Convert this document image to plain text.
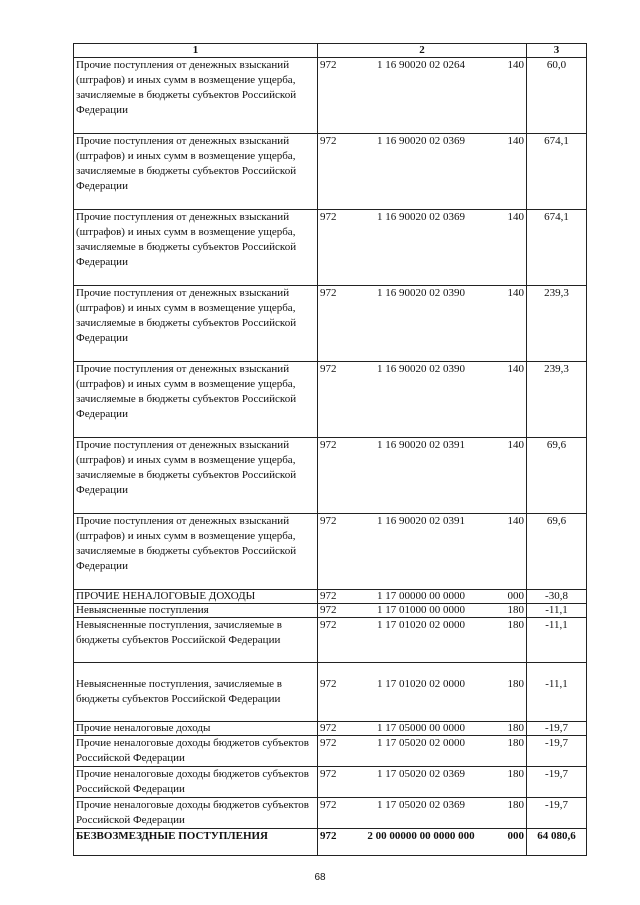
1	2	3
Прочие поступления от денежных взысканий (штрафов) и иных сумм в возмещение ущерба, зачисляемые в бюджеты субъектов Российской Федерации	972 1 16 90020 02 0264 140	60,0
Прочие поступления от денежных взысканий (штрафов) и иных сумм в возмещение ущерба, зачисляемые в бюджеты субъектов Российской Федерации	972 1 16 90020 02 0369 140	674,1
Прочие поступления от денежных взысканий (штрафов) и иных сумм в возмещение ущерба, зачисляемые в бюджеты субъектов Российской Федерации	972 1 16 90020 02 0369 140	674,1
Прочие поступления от денежных взысканий (штрафов) и иных сумм в возмещение ущерба, зачисляемые в бюджеты субъектов Российской Федерации	972 1 16 90020 02 0390 140	239,3
Прочие поступления от денежных взысканий (штрафов) и иных сумм в возмещение ущерба, зачисляемые в бюджеты субъектов Российской Федерации	972 1 16 90020 02 0390 140	239,3
Прочие поступления от денежных взысканий (штрафов) и иных сумм в возмещение ущерба, зачисляемые в бюджеты субъектов Российской Федерации	972 1 16 90020 02 0391 140	69,6
Прочие поступления от денежных взысканий (штрафов) и иных сумм в возмещение ущерба, зачисляемые в бюджеты субъектов Российской Федерации	972 1 16 90020 02 0391 140	69,6
ПРОЧИЕ НЕНАЛОГОВЫЕ ДОХОДЫ	972 1 17 00000 00 0000 000	-30,8
Невыясненные поступления	972 1 17 01000 00 0000 180	-11,1
Невыясненные поступления, зачисляемые в бюджеты субъектов Российской Федерации	972 1 17 01020 02 0000 180	-11,1
Невыясненные поступления, зачисляемые в бюджеты субъектов Российской Федерации	972 1 17 01020 02 0000 180	-11,1
Прочие неналоговые доходы	972 1 17 05000 00 0000 180	-19,7
Прочие неналоговые доходы бюджетов субъектов Российской Федерации	972 1 17 05020 02 0000 180	-19,7
Прочие неналоговые доходы бюджетов субъектов Российской Федерации	972 1 17 05020 02 0369 180	-19,7
Прочие неналоговые доходы бюджетов субъектов Российской Федерации	972 1 17 05020 02 0369 180	-19,7
БЕЗВОЗМЕЗДНЫЕ ПОСТУПЛЕНИЯ	972 2 00 00000 00 0000 000 000	64 080,6
68
